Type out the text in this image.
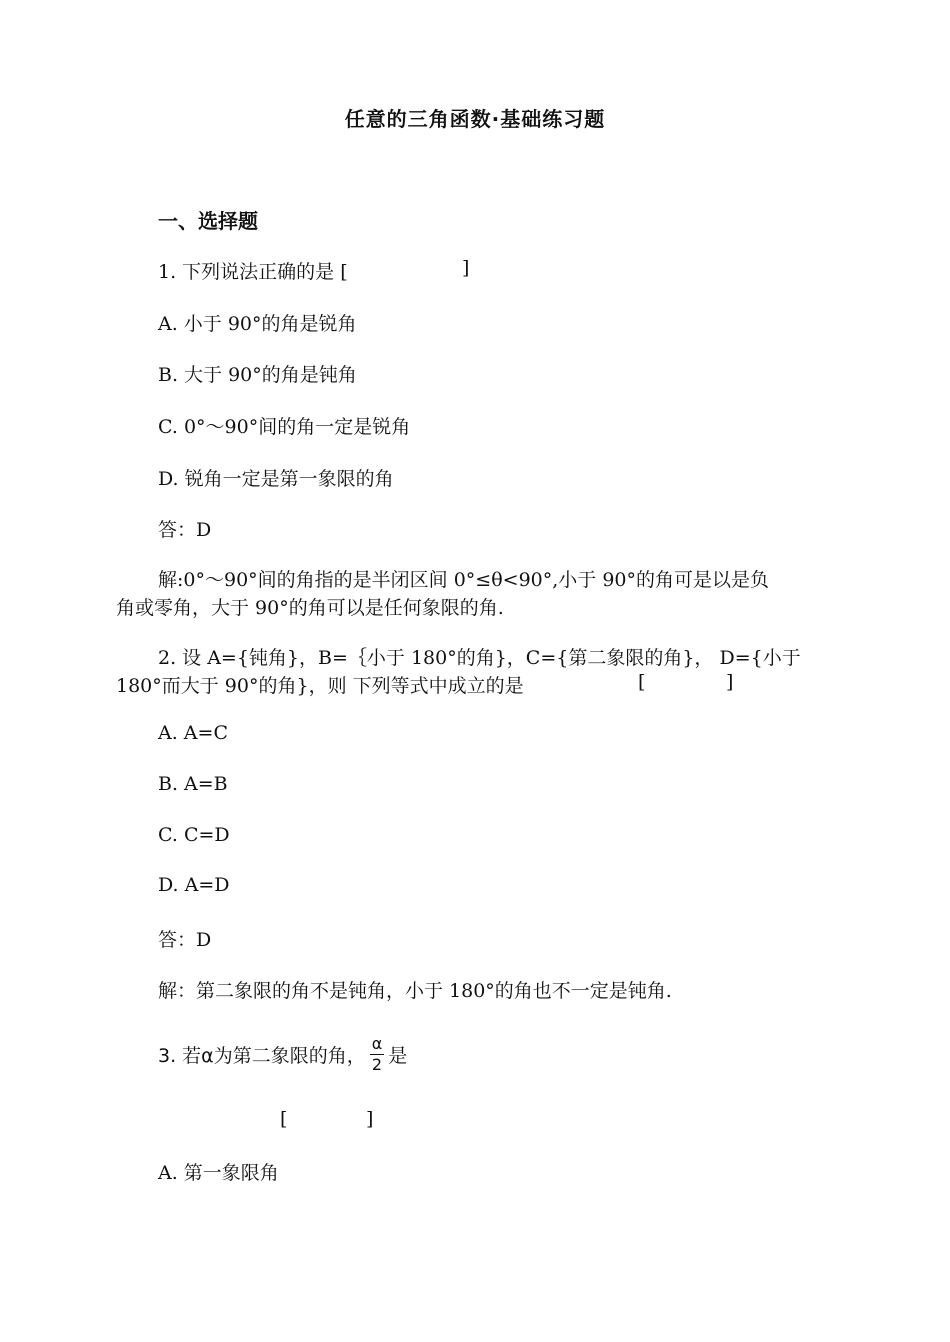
任意的三角函数·基础练习题
一、选择题
1. 下列说法正确的是 [	]
A. 小于 90°的角是锐角
B. 大于 90°的角是钝角
C. 0°～90°间的角一定是锐角
D. 锐角一定是第一象限的角
答：D
解:0°～90°间的角指的是半闭区间 0°≤θ<90°,小于 90°的角可是以是负
角或零角，大于 90°的角可以是任何象限的角.
2. 设 A={钝角}，B=｛小于 180°的角}，C={第二象限的角}， D={小于
180°而大于 90°的角}，则 下列等式中成立的是	[	]
A. A=C
B. A=B
C. C=D
D. A=D
答：D
解：第二象限的角不是钝角，小于 180°的角也不一定是钝角.
3. 若α为第二象限的角， $\frac{\alpha}{2}$ 是
[	]
A. 第一象限角
